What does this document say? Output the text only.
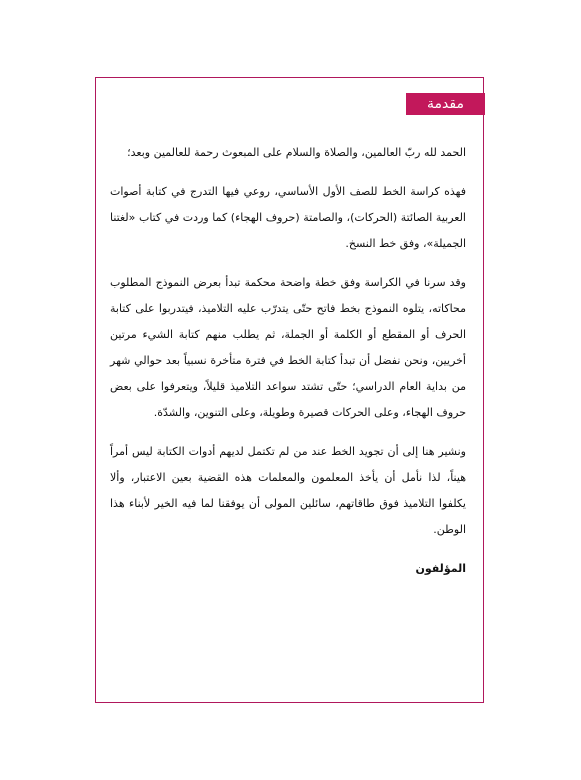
مقدمة

الحمد لله ربّ العالمين، والصلاة والسلام على المبعوث رحمة للعالمين وبعد؛

فهذه كراسة الخط للصف الأول الأساسي، روعي فيها التدرج في كتابة أصوات العربية الصائتة (الحركات)، والصامتة (حروف الهجاء) كما وردت في كتاب «لغتنا الجميلة»، وفق خط النسخ.

وقد سرنا في الكراسة وفق خطة واضحة محكمة تبدأ بعرض النموذج المطلوب محاكاته، يتلوه النموذج بخط فاتح حتّى يتدرّب عليه التلاميذ، فيتدربوا على كتابة الحرف أو المقطع أو الكلمة أو الجملة، ثم يطلب منهم كتابة الشيء مرتين أخريين، ونحن نفضل أن تبدأ كتابة الخط في فترة متأخرة نسبياً بعد حوالي شهر من بداية العام الدراسي؛ حتّى تشتد سواعد التلاميذ قليلاً، ويتعرفوا على بعض حروف الهجاء، وعلى الحركات قصيرة وطويلة، وعلى التنوين، والشدّة.

ونشير هنا إلى أن تجويد الخط عند من لم تكتمل لديهم أدوات الكتابة ليس أمراً هيناً، لذا نأمل أن يأخذ المعلمون والمعلمات هذه القضية بعين الاعتبار، وألا يكلفوا التلاميذ فوق طاقاتهم، سائلين المولى أن يوفقنا لما فيه الخير لأبناء هذا الوطن.

المؤلفون
